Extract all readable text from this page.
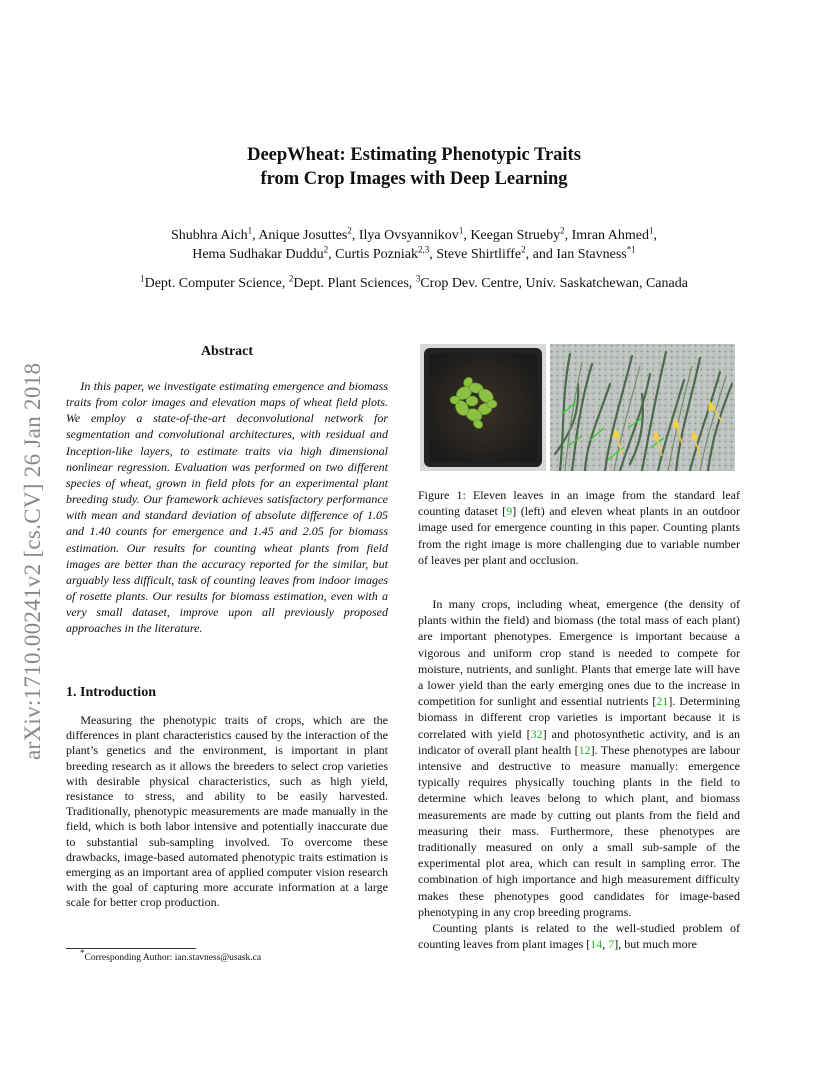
arXiv:1710.00241v2 [cs.CV] 26 Jan 2018
DeepWheat: Estimating Phenotypic Traits
from Crop Images with Deep Learning
Shubhra Aich$^1$, Anique Josuttes$^2$, Ilya Ovsyannikov$^1$, Keegan Strueby$^2$, Imran Ahmed$^1$,
Hema Sudhakar Duddu$^2$, Curtis Pozniak$^{2,3}$, Steve Shirtliffe$^2$, and Ian Stavness$^{*1}$
$^1$Dept. Computer Science, $^2$Dept. Plant Sciences, $^3$Crop Dev. Centre, Univ. Saskatchewan, Canada
Abstract
In this paper, we investigate estimating emergence and biomass traits from color images and elevation maps of wheat field plots. We employ a state-of-the-art deconvolutional network for segmentation and convolutional architectures, with residual and Inception-like layers, to estimate traits via high dimensional nonlinear regression. Evaluation was performed on two different species of wheat, grown in field plots for an experimental plant breeding study. Our framework achieves satisfactory performance with mean and standard deviation of absolute difference of 1.05 and 1.40 counts for emergence and 1.45 and 2.05 for biomass estimation. Our results for counting wheat plants from field images are better than the accuracy reported for the similar, but arguably less difficult, task of counting leaves from indoor images of rosette plants. Our results for biomass estimation, even with a very small dataset, improve upon all previously proposed approaches in the literature.
1. Introduction
Measuring the phenotypic traits of crops, which are the differences in plant characteristics caused by the interaction of the plant’s genetics and the environment, is important in plant breeding research as it allows the breeders to select crop varieties with desirable physical characteristics, such as high yield, resistance to stress, and ability to be easily harvested. Traditionally, phenotypic measurements are made manually in the field, which is both labor intensive and potentially inaccurate due to substantial sub-sampling involved. To overcome these drawbacks, image-based automated phenotypic traits estimation is emerging as an important area of applied computer vision research with the goal of capturing more accurate information at a large scale for better crop production.
*Corresponding Author: ian.stavness@usask.ca
Figure 1: Eleven leaves in an image from the standard leaf counting dataset [9] (left) and eleven wheat plants in an outdoor image used for emergence counting in this paper. Counting plants from the right image is more challenging due to variable number of leaves per plant and occlusion.

In many crops, including wheat, emergence (the density of plants within the field) and biomass (the total mass of each plant) are important phenotypes. Emergence is important because a vigorous and uniform crop stand is needed to compete for moisture, nutrients, and sunlight. Plants that emerge late will have a lower yield than the early emerging ones due to the increase in competition for sunlight and essential nutrients [21]. Determining biomass in different crop varieties is important because it is correlated with yield [32] and photosynthetic activity, and is an indicator of overall plant health [12]. These phenotypes are labour intensive and destructive to measure manually: emergence typically requires physically touching plants in the field to determine which leaves belong to which plant, and biomass measurements are made by cutting out plants from the field and measuring their mass. Furthermore, these phenotypes are traditionally measured on only a small sub-sample of the experimental plot area, which can result in sampling error. The combination of high importance and high measurement difficulty makes these phenotypes good candidates for image-based phenotyping in any crop breeding programs.

Counting plants is related to the well-studied problem of counting leaves from plant images [14, 7], but much more
